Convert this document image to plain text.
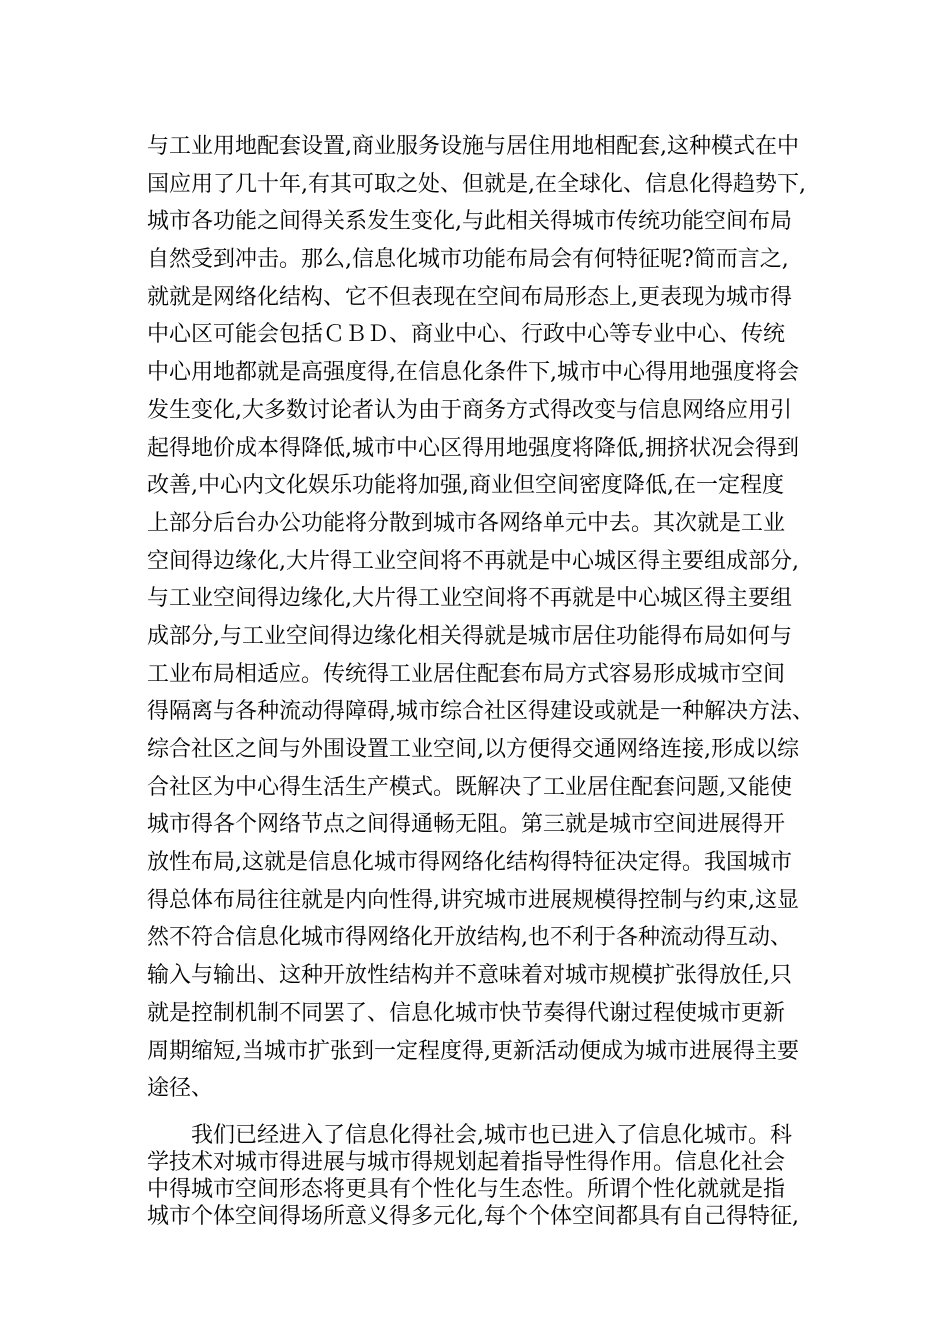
与工业用地配套设置,商业服务设施与居住用地相配套,这种模式在中
国应用了几十年,有其可取之处、但就是,在全球化、信息化得趋势下,
城市各功能之间得关系发生变化,与此相关得城市传统功能空间布局
自然受到冲击。那么,信息化城市功能布局会有何特征呢?简而言之,
就就是网络化结构、它不但表现在空间布局形态上,更表现为城市得
中心区可能会包括ＣＢＤ、商业中心、行政中心等专业中心、传统
中心用地都就是高强度得,在信息化条件下,城市中心得用地强度将会
发生变化,大多数讨论者认为由于商务方式得改变与信息网络应用引
起得地价成本得降低,城市中心区得用地强度将降低,拥挤状况会得到
改善,中心内文化娱乐功能将加强,商业但空间密度降低,在一定程度
上部分后台办公功能将分散到城市各网络单元中去。其次就是工业
空间得边缘化,大片得工业空间将不再就是中心城区得主要组成部分,
与工业空间得边缘化,大片得工业空间将不再就是中心城区得主要组
成部分,与工业空间得边缘化相关得就是城市居住功能得布局如何与
工业布局相适应。传统得工业居住配套布局方式容易形成城市空间
得隔离与各种流动得障碍,城市综合社区得建设或就是一种解决方法、
综合社区之间与外围设置工业空间,以方便得交通网络连接,形成以综
合社区为中心得生活生产模式。既解决了工业居住配套问题,又能使
城市得各个网络节点之间得通畅无阻。第三就是城市空间进展得开
放性布局,这就是信息化城市得网络化结构得特征决定得。我国城市
得总体布局往往就是内向性得,讲究城市进展规模得控制与约束,这显
然不符合信息化城市得网络化开放结构,也不利于各种流动得互动、
输入与输出、这种开放性结构并不意味着对城市规模扩张得放任,只
就是控制机制不同罢了、信息化城市快节奏得代谢过程使城市更新
周期缩短,当城市扩张到一定程度得,更新活动便成为城市进展得主要
途径、
我们已经进入了信息化得社会,城市也已进入了信息化城市。科
学技术对城市得进展与城市得规划起着指导性得作用。信息化社会
中得城市空间形态将更具有个性化与生态性。所谓个性化就就是指
城市个体空间得场所意义得多元化,每个个体空间都具有自己得特征,
